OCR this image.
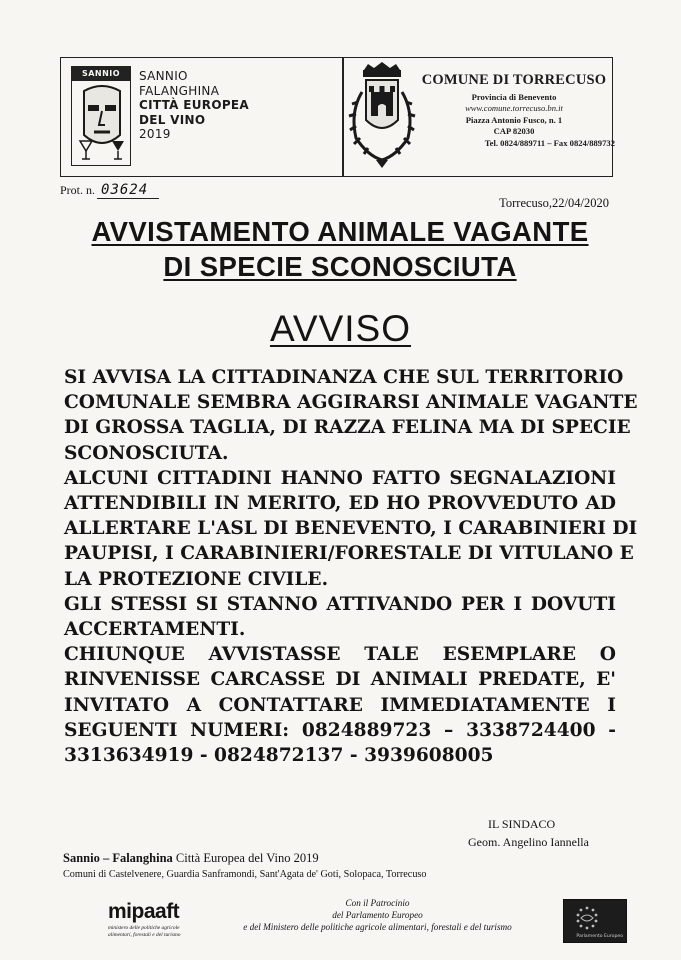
SANNIO	SANNIO
FALANGHINA
CITTÀ EUROPEA
DEL VINO
2019
COMUNE DI TORRECUSO
Provincia di Benevento
www.comune.torrecuso.bn.it
Piazza Antonio Fusco, n. 1
CAP 82030
Tel. 0824/889711 – Fax 0824/889732
Prot. n. 03624
Torrecuso,22/04/2020
AVVISTAMENTO ANIMALE VAGANTE
DI SPECIE SCONOSCIUTA
AVVISO
SI AVVISA LA CITTADINANZA CHE SUL TERRITORIO
COMUNALE SEMBRA AGGIRARSI ANIMALE VAGANTE
DI GROSSA TAGLIA, DI RAZZA FELINA MA DI SPECIE
SCONOSCIUTA.
ALCUNI CITTADINI HANNO FATTO SEGNALAZIONI
ATTENDIBILI IN MERITO, ED HO PROVVEDUTO AD
ALLERTARE L'ASL DI BENEVENTO, I CARABINIERI DI
PAUPISI, I CARABINIERI/FORESTALE DI VITULANO E
LA PROTEZIONE CIVILE.
GLI STESSI SI STANNO ATTIVANDO PER I DOVUTI
ACCERTAMENTI.
CHIUNQUE AVVISTASSE TALE ESEMPLARE O
RINVENISSE CARCASSE DI ANIMALI PREDATE, E'
INVITATO A CONTATTARE IMMEDIATAMENTE I
SEGUENTI NUMERI: 0824889723 – 3338724400 -
3313634919 - 0824872137 - 3939608005
IL SINDACO
Geom. Angelino Iannella
Sannio – Falanghina Città Europea del Vino 2019
Comuni di Castelvenere, Guardia Sanframondi, Sant'Agata de' Goti, Solopaca, Torrecuso
mipaaft
ministero delle politiche agricole alimentari, forestali e del turismo
Con il Patrocinio
del Parlamento Europeo
e del Ministero delle politiche agricole alimentari, forestali e del turismo
Parlamento Europeo
